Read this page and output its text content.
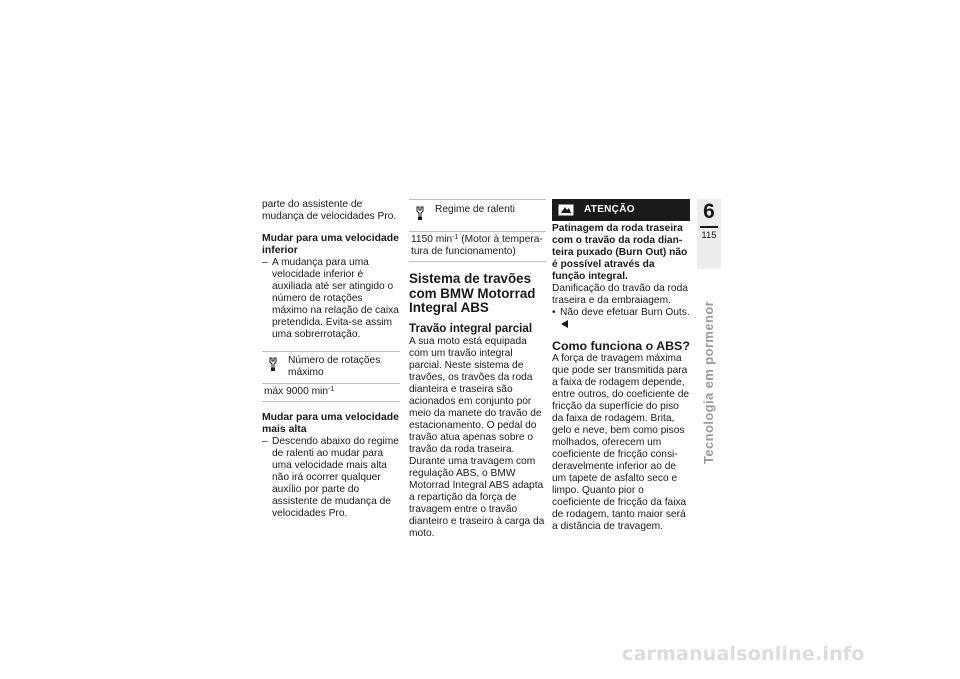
parte do assistente de mudança de velocidades Pro.

Mudar para uma velocidade inferior

– A mudança para uma velocidade inferior é auxiliada até ser atingido o número de rotações máximo na relação de caixa pretendida. Evita-se assim uma sobrerrotação.
Número de rotações máximo
máx 9000 $\min^{-1}$

Mudar para uma velocidade mais alta

– Descendo abaixo do regime de ralenti ao mudar para uma velocidade mais alta não irá ocorrer qualquer auxílio por parte do assistente de mudança de velocidades Pro.
Regime de ralenti
1150 $\min^{-1}$ (Motor à temperatura de funcionamento)

Sistema de travões com BMW Motorrad Integral ABS

Travão integral parcial

A sua moto está equipada com um travão integral parcial. Neste sistema de travões, os travões da roda dianteira e traseira são acionados em conjunto por meio da manete do travão de estacionamento. O pedal do travão atua apenas sobre o travão da roda traseira.

Durante uma travagem com regulação ABS, o BMW Motorrad Integral ABS adapta a repartição da força de travagem entre o travão dianteiro e traseiro à carga da moto.

ATENÇÃO

Patinagem da roda traseira com o travão da roda dianteira puxado (Burn Out) não é possível através da função integral.

Danificação do travão da roda traseira e da embraiagem.

• Não deve efetuar Burn Outs.

Como funciona o ABS?

A força de travagem máxima que pode ser transmitida para a faixa de rodagem depende, entre outros, do coeficiente de fricção da superfície do piso da faixa de rodagem. Brita, gelo e neve, bem como pisos molhados, oferecem um coeficiente de fricção consideravelmente inferior ao de um tapete de asfalto seco e limpo. Quanto pior o coeficiente de fricção da faixa de rodagem, tanto maior será a distância de travagem.

6
115
Tecnologia em pormenor
carmanualsonline.info
